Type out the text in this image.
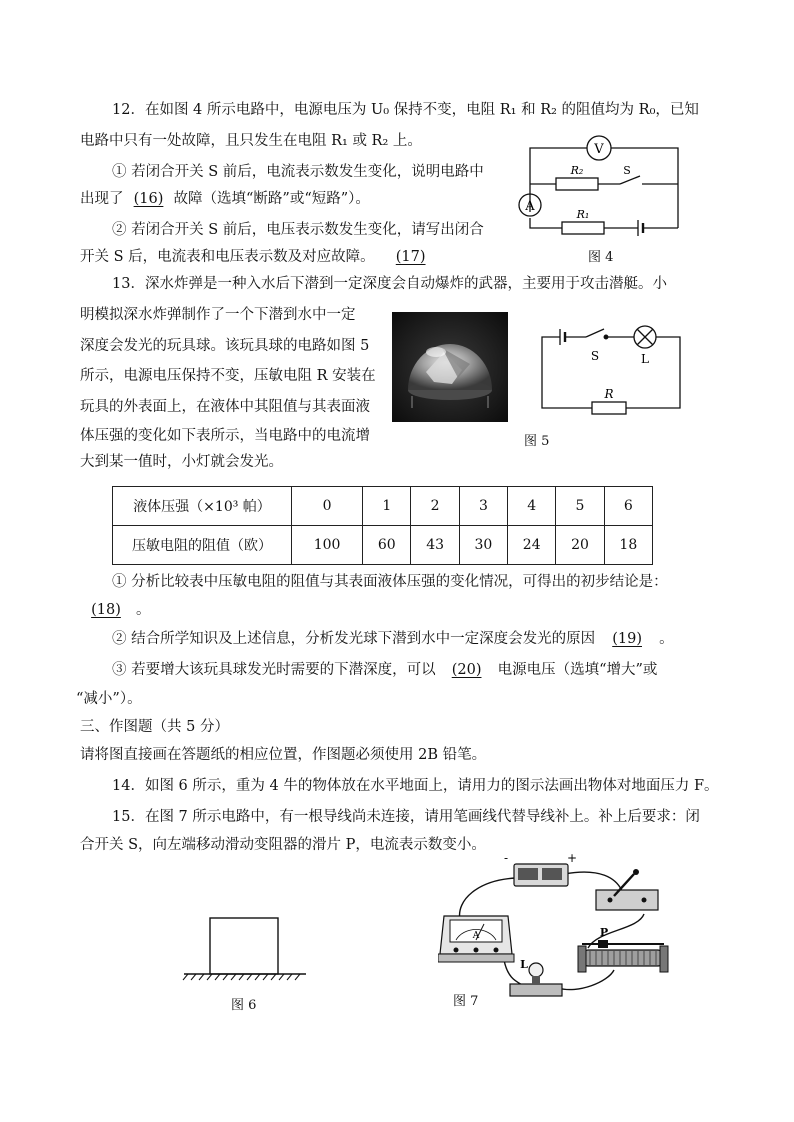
12．在如图 4 所示电路中，电源电压为 U₀ 保持不变，电阻 R₁ 和 R₂ 的阻值均为 R₀，已知
电路中只有一处故障，且只发生在电阻 R₁ 或 R₂ 上。
① 若闭合开关 S 前后，电流表示数发生变化，说明电路中
出现了 (16) 故障（选填“断路”或“短路”）。
② 若闭合开关 S 前后，电压表示数发生变化，请写出闭合
开关 S 后，电流表和电压表示数及对应故障。 (17)
V
A
R₂	S
R₁
图 4
13．深水炸弹是一种入水后下潜到一定深度会自动爆炸的武器，主要用于攻击潜艇。小
明模拟深水炸弹制作了一个下潜到水中一定
深度会发光的玩具球。该玩具球的电路如图 5
所示，电源电压保持不变，压敏电阻 R 安装在
玩具的外表面上，在液体中其阻值与其表面液
体压强的变化如下表所示，当电路中的电流增
大到某一值时，小灯就会发光。
S	L
R
图 5
液体压强（×10³ 帕）	0	1	2	3	4	5	6
压敏电阻的阻值（欧）	100	60	43	30	24	20	18
① 分析比较表中压敏电阻的阻值与其表面液体压强的变化情况，可得出的初步结论是：
(18) 。
② 结合所学知识及上述信息，分析发光球下潜到水中一定深度会发光的原因 (19) 。
③ 若要增大该玩具球发光时需要的下潜深度，可以 (20) 电源电压（选填“增大”或
“减小”）。
三、作图题（共 5 分）
请将图直接画在答题纸的相应位置，作图题必须使用 2B 铅笔。
14．如图 6 所示，重为 4 牛的物体放在水平地面上，请用力的图示法画出物体对地面压力 F。
15．在图 7 所示电路中，有一根导线尚未连接，请用笔画线代替导线补上。补上后要求：闭
合开关 S，向左端移动滑动变阻器的滑片 P，电流表示数变小。
图 6
-	+
A	P
L
图 7
